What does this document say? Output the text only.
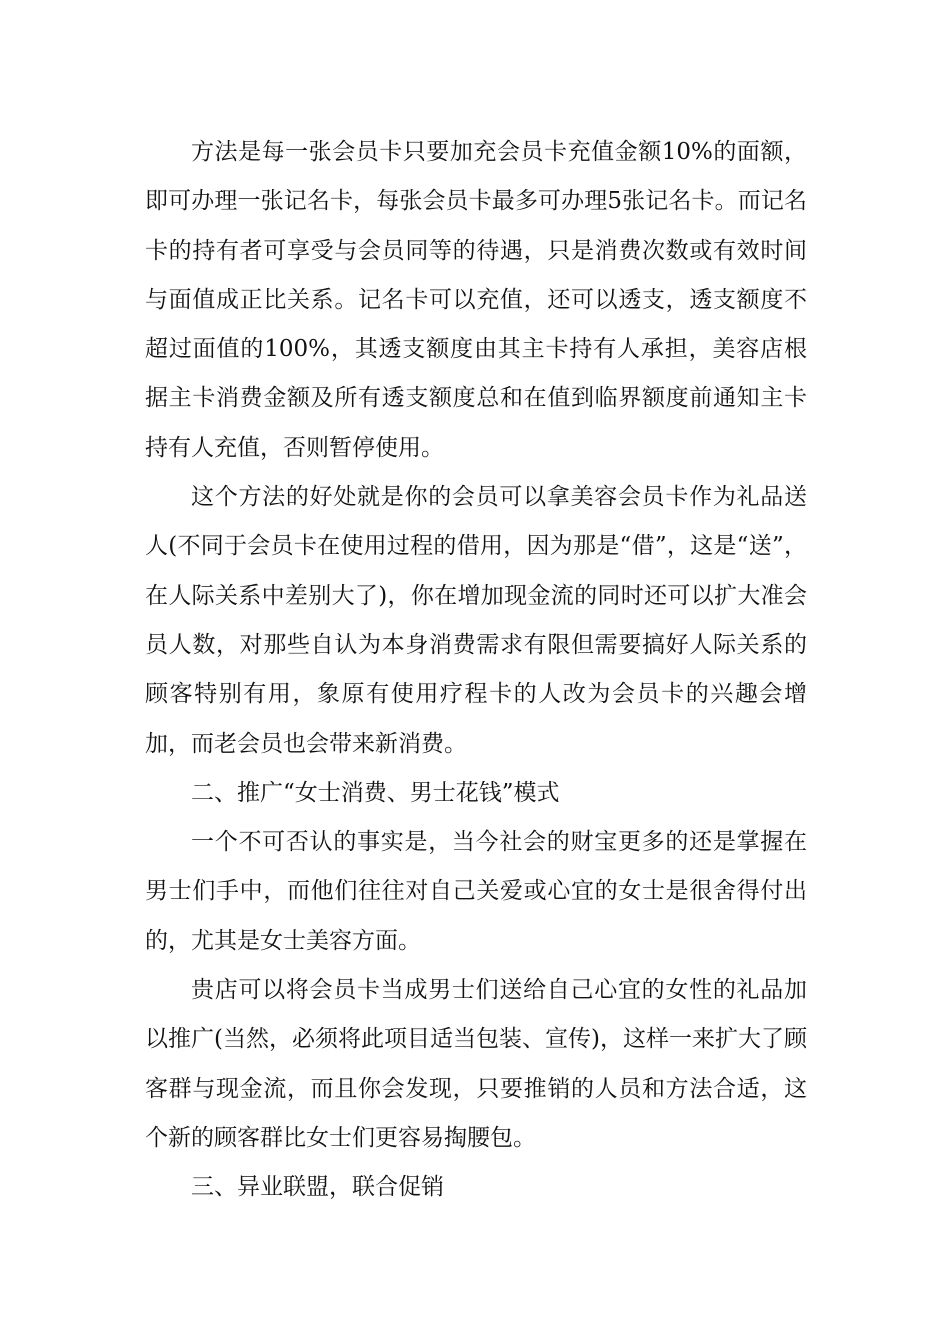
方法是每一张会员卡只要加充会员卡充值金额10%的面额，即可办理一张记名卡，每张会员卡最多可办理5张记名卡。而记名卡的持有者可享受与会员同等的待遇，只是消费次数或有效时间与面值成正比关系。记名卡可以充值，还可以透支，透支额度不超过面值的100%，其透支额度由其主卡持有人承担，美容店根据主卡消费金额及所有透支额度总和在值到临界额度前通知主卡持有人充值，否则暂停使用。

这个方法的好处就是你的会员可以拿美容会员卡作为礼品送人(不同于会员卡在使用过程的借用，因为那是“借”，这是“送”，在人际关系中差别大了)，你在增加现金流的同时还可以扩大准会员人数，对那些自认为本身消费需求有限但需要搞好人际关系的顾客特别有用，象原有使用疗程卡的人改为会员卡的兴趣会增加，而老会员也会带来新消费。

二、推广“女士消费、男士花钱”模式

一个不可否认的事实是，当今社会的财宝更多的还是掌握在男士们手中，而他们往往对自己关爱或心宜的女士是很舍得付出的，尤其是女士美容方面。

贵店可以将会员卡当成男士们送给自己心宜的女性的礼品加以推广(当然，必须将此项目适当包装、宣传)，这样一来扩大了顾客群与现金流，而且你会发现，只要推销的人员和方法合适，这个新的顾客群比女士们更容易掏腰包。

三、异业联盟，联合促销
